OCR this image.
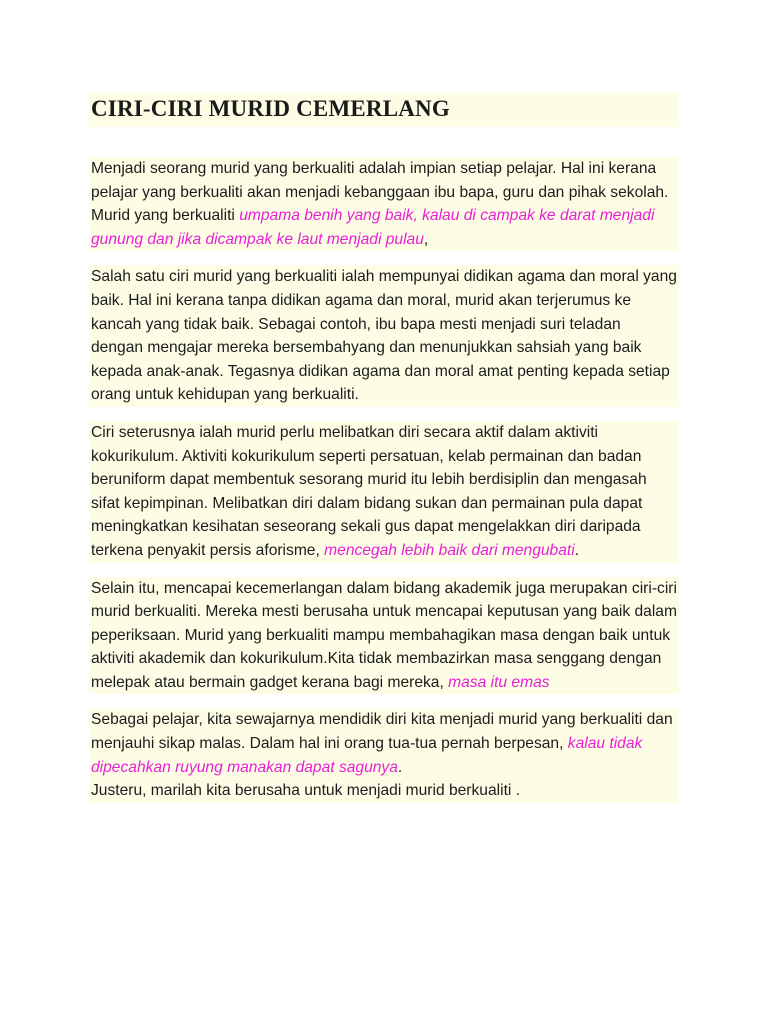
CIRI-CIRI MURID CEMERLANG

Menjadi seorang murid yang berkualiti adalah impian setiap pelajar. Hal ini kerana pelajar yang berkualiti akan menjadi kebanggaan ibu bapa, guru dan pihak sekolah. Murid yang berkualiti umpama benih yang baik, kalau di campak ke darat menjadi gunung dan jika dicampak ke laut menjadi pulau,

Salah satu ciri murid yang berkualiti ialah mempunyai didikan agama dan moral yang baik. Hal ini kerana tanpa didikan agama dan moral, murid akan terjerumus ke kancah yang tidak baik. Sebagai contoh, ibu bapa mesti menjadi suri teladan dengan mengajar mereka bersembahyang dan menunjukkan sahsiah yang baik kepada anak-anak. Tegasnya didikan agama dan moral amat penting kepada setiap orang untuk kehidupan yang berkualiti.

Ciri seterusnya ialah murid perlu melibatkan diri secara aktif dalam aktiviti kokurikulum. Aktiviti kokurikulum seperti persatuan, kelab permainan dan badan beruniform dapat membentuk sesorang murid itu lebih berdisiplin dan mengasah sifat kepimpinan. Melibatkan diri dalam bidang sukan dan permainan pula dapat meningkatkan kesihatan seseorang sekali gus dapat mengelakkan diri daripada terkena penyakit persis aforisme, mencegah lebih baik dari mengubati.

Selain itu, mencapai kecemerlangan dalam bidang akademik juga merupakan ciri-ciri murid berkualiti. Mereka mesti berusaha untuk mencapai keputusan yang baik dalam peperiksaan. Murid yang berkualiti mampu membahagikan masa dengan baik untuk aktiviti akademik dan kokurikulum.Kita tidak membazirkan masa senggang dengan melepak atau bermain gadget kerana bagi mereka, masa itu emas

Sebagai pelajar, kita sewajarnya mendidik diri kita menjadi murid yang berkualiti dan menjauhi sikap malas. Dalam hal ini orang tua-tua pernah berpesan, kalau tidak dipecahkan ruyung manakan dapat sagunya.
Justeru, marilah kita berusaha untuk menjadi murid berkualiti .
